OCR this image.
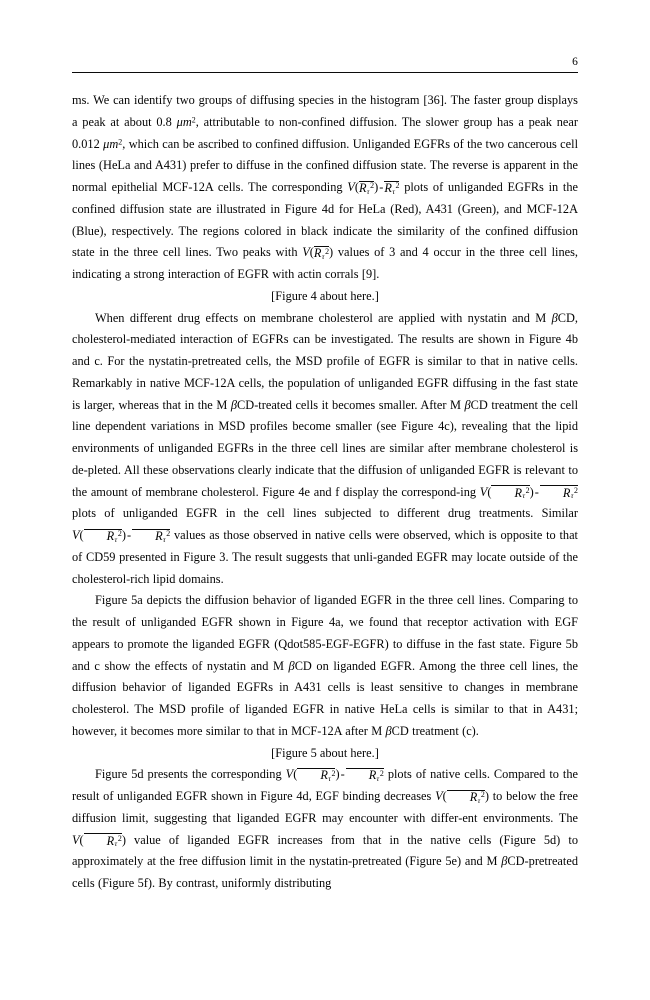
6

ms. We can identify two groups of diffusing species in the histogram [36]. The faster group displays a peak at about 0.8 $\mu m^2$, attributable to non-confined diffusion. The slower group has a peak near 0.012 $\mu m^2$, which can be ascribed to confined diffusion. Unliganded EGFRs of the two cancerous cell lines (HeLa and A431) prefer to diffuse in the confined diffusion state. The reverse is apparent in the normal epithelial MCF-12A cells. The corresponding $V(R_\tau^2)-R_\tau^2$ plots of unliganded EGFRs in the confined diffusion state are illustrated in Figure 4d for HeLa (Red), A431 (Green), and MCF-12A (Blue), respectively. The regions colored in black indicate the similarity of the confined diffusion state in the three cell lines. Two peaks with $V(R_\tau^2)$ values of 3 and 4 occur in the three cell lines, indicating a strong interaction of EGFR with actin corrals [9].

[Figure 4 about here.]

When different drug effects on membrane cholesterol are applied with nystatin and M βCD, cholesterol-mediated interaction of EGFRs can be investigated. The results are shown in Figure 4b and c. For the nystatin-pretreated cells, the MSD profile of EGFR is similar to that in native cells. Remarkably in native MCF-12A cells, the population of unliganded EGFR diffusing in the fast state is larger, whereas that in the M βCD-treated cells it becomes smaller. After M βCD treatment the cell line dependent variations in MSD profiles become smaller (see Figure 4c), revealing that the lipid environments of unliganded EGFRs in the three cell lines are similar after membrane cholesterol is de‑pleted. All these observations clearly indicate that the diffusion of unliganded EGFR is relevant to the amount of membrane cholesterol. Figure 4e and f display the correspond‑ing V( $R_\tau^2)-$ $R_\tau^2$ plots of unliganded EGFR in the cell lines subjected to different drug treatments. Similar V( $R_\tau^2)-$ $R_\tau^2$ values as those observed in native cells were observed, which is opposite to that of CD59 presented in Figure 3. The result suggests that unli‑ganded EGFR may locate outside of the cholesterol-rich lipid domains.

Figure 5a depicts the diffusion behavior of liganded EGFR in the three cell lines. Comparing to the result of unliganded EGFR shown in Figure 4a, we found that receptor activation with EGF appears to promote the liganded EGFR (Qdot585-EGF-EGFR) to diffuse in the fast state. Figure 5b and c show the effects of nystatin and M βCD on liganded EGFR. Among the three cell lines, the diffusion behavior of liganded EGFRs in A431 cells is least sensitive to changes in membrane cholesterol. The MSD profile of liganded EGFR in native HeLa cells is similar to that in A431; however, it becomes more similar to that in MCF-12A after M βCD treatment (c).

[Figure 5 about here.]

Figure 5d presents the corresponding V( $R_\tau^2)-$ $R_\tau^2$ plots of native cells. Compared to the result of unliganded EGFR shown in Figure 4d, EGF binding decreases V( $R_\tau^2$) to below the free diffusion limit, suggesting that liganded EGFR may encounter with differ‑ent environments. The V( $R_\tau^2$) value of liganded EGFR increases from that in the native cells (Figure 5d) to approximately at the free diffusion limit in the nystatin-pretreated (Figure 5e) and M βCD-pretreated cells (Figure 5f). By contrast, uniformly distributing
